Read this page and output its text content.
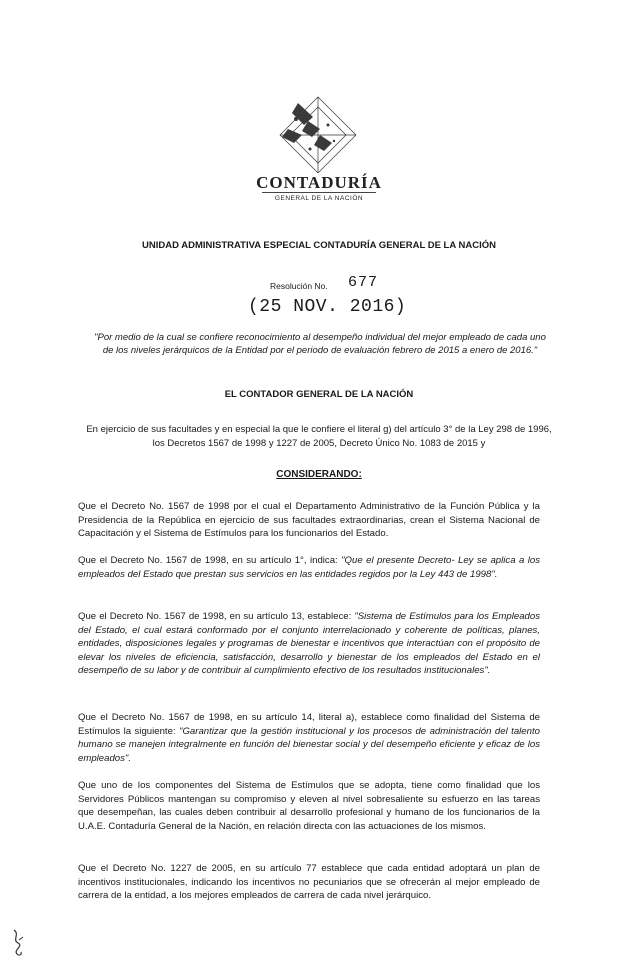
CONTADURÍA
GENERAL DE LA NACIÓN
UNIDAD ADMINISTRATIVA ESPECIAL CONTADURÍA GENERAL DE LA NACIÓN
Resolución No. 677
(25 NOV. 2016)
"Por medio de la cual se confiere reconocimiento al desempeño individual del mejor empleado de cada uno de los niveles jerárquicos de la Entidad por el periodo de evaluación febrero de 2015 a enero de 2016."
EL CONTADOR GENERAL DE LA NACIÓN
En ejercicio de sus facultades y en especial la que le confiere el literal g) del artículo 3° de la Ley 298 de 1996, los Decretos 1567 de 1998 y 1227 de 2005, Decreto Único No. 1083 de 2015 y
CONSIDERANDO:

Que el Decreto No. 1567 de 1998 por el cual el Departamento Administrativo de la Función Pública y la Presidencia de la República en ejercicio de sus facultades extraordinarias, crean el Sistema Nacional de Capacitación y el Sistema de Estímulos para los funcionarios del Estado.

Que el Decreto No. 1567 de 1998, en su artículo 1°, indica: "Que el presente Decreto- Ley se aplica a los empleados del Estado que prestan sus servicios en las entidades regidos por la Ley 443 de 1998".

Que el Decreto No. 1567 de 1998, en su artículo 13, establece: "Sistema de Estímulos para los Empleados del Estado, el cual estará conformado por el conjunto interrelacionado y coherente de políticas, planes, entidades, disposiciones legales y programas de bienestar e incentivos que interactúan con el propósito de elevar los niveles de eficiencia, satisfacción, desarrollo y bienestar de los empleados del Estado en el desempeño de su labor y de contribuir al cumplimiento efectivo de los resultados institucionales".

Que el Decreto No. 1567 de 1998, en su artículo 14, literal a), establece como finalidad del Sistema de Estímulos la siguiente: "Garantizar que la gestión institucional y los procesos de administración del talento humano se manejen integralmente en función del bienestar social y del desempeño eficiente y eficaz de los empleados".

Que uno de los componentes del Sistema de Estímulos que se adopta, tiene como finalidad que los Servidores Públicos mantengan su compromiso y eleven al nivel sobresaliente su esfuerzo en las tareas que desempeñan, las cuales deben contribuir al desarrollo profesional y humano de los funcionarios de la U.A.E. Contaduría General de la Nación, en relación directa con las actuaciones de los mismos.

Que el Decreto No. 1227 de 2005, en su artículo 77 establece que cada entidad adoptará un plan de incentivos institucionales, indicando los incentivos no pecuniarios que se ofrecerán al mejor empleado de carrera de la entidad, a los mejores empleados de carrera de cada nivel jerárquico.
